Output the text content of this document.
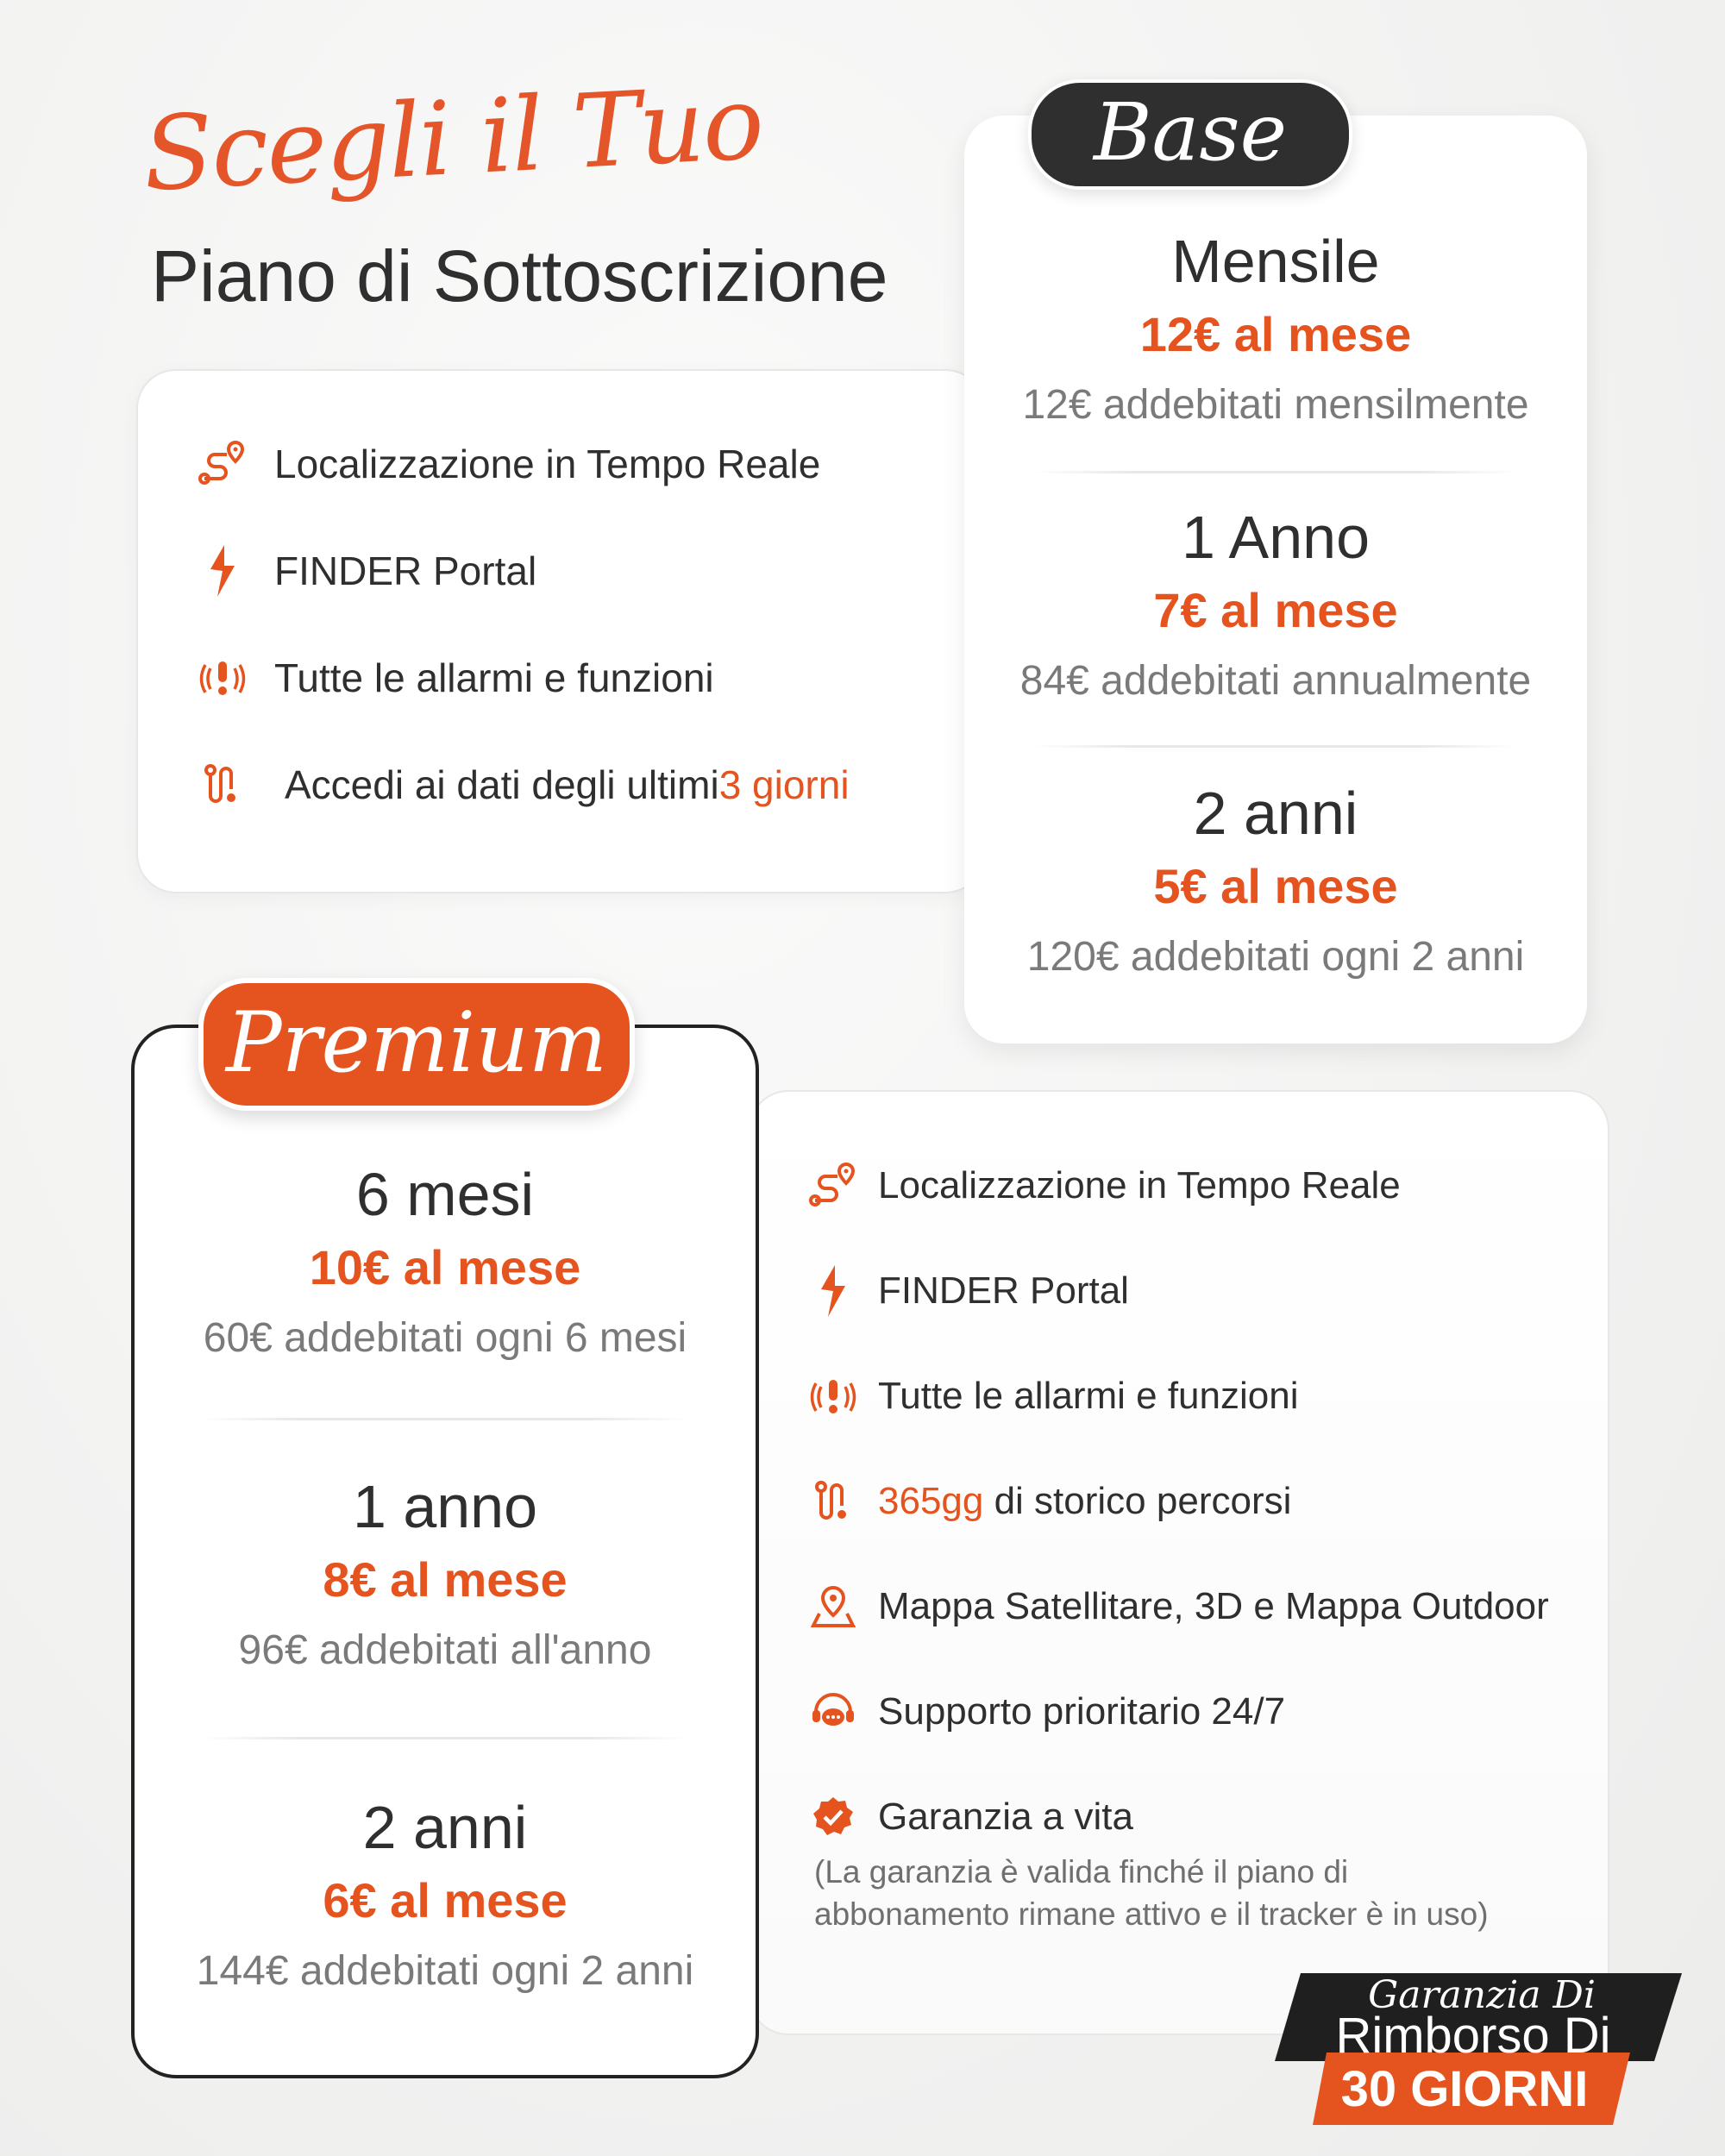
Scegli il Tuo
Piano di Sottoscrizione
Localizzazione in Tempo Reale
FINDER Portal
Tutte le allarmi e funzioni
Accedi ai dati degli ultimi 3 giorni
Base
Mensile
12€ al mese
12€ addebitati mensilmente
1 Anno
7€ al mese
84€ addebitati annualmente
2 anni
5€ al mese
120€ addebitati ogni 2 anni
Localizzazione in Tempo Reale
FINDER Portal
Tutte le allarmi e funzioni
365gg di storico percorsi
Mappa Satellitare, 3D e Mappa Outdoor
Supporto prioritario 24/7
Garanzia a vita
(La garanzia è valida finché il piano di
abbonamento rimane attivo e il tracker è in uso)
Premium
6 mesi
10€ al mese
60€ addebitati ogni 6 mesi
1 anno
8€ al mese
96€ addebitati all'anno
2 anni
6€ al mese
144€ addebitati ogni 2 anni
Garanzia Di
Rimborso Di
30 GIORNI
